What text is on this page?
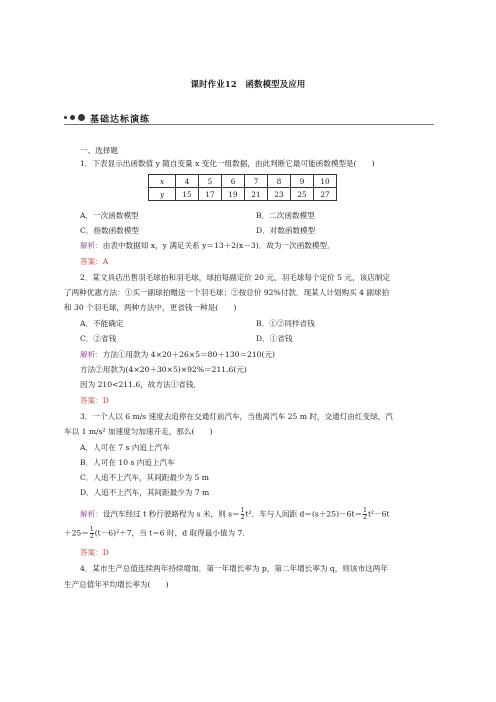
课时作业12　函数模型及应用
基础达标演练
一、选择题
1．下表显示出函数值 y 随自变量 x 变化一组数据，由此判断它最可能函数模型是(　　)
x	4	5	6	7	8	9	10
y	15	17	19	21	23	25	27
A．一次函数模型	B．二次函数模型
C．指数函数模型	D．对数函数模型
解析：由表中数据知 x，y 满足关系 y＝13＋2(x－3)．故为一次函数模型．
答案：A
2．某文具店出售羽毛球拍和羽毛球，球拍每副定价 20 元，羽毛球每个定价 5 元，该店制定
了两种优惠方法：①买一副球拍赠送一个羽毛球；②按总价 92%付款．现某人计划购买 4 副球拍
和 30 个羽毛球，两种方法中，更省钱一种是(　　)
A．不能确定	B．①②同样省钱
C．②省钱	D．①省钱
解析：方法①用款为 4×20＋26×5＝80＋130＝210(元)
方法②用款为(4×20＋30×5)×92%＝211.6(元)
因为 210<211.6，故方法①省钱．
答案：D
3．一个人以 6 m/s 速度去追停在交通灯前汽车，当他离汽车 25 m 时，交通灯由红变绿，汽
车以 1 m/s² 加速度匀加速开走，那么(　　)
A．人可在 7 s 内追上汽车
B．人可在 10 s 内追上汽车
C．人追不上汽车，其间距最少为 5 m
D．人追不上汽车，其间距最少为 7 m
解析：设汽车经过 t 秒行驶路程为 s 米，则 $s= \frac{1}{2} t^2$．车与人间距 $d=(s+25)-6t= \frac{1}{2} t^2-6t$
$+25= \frac{1}{2} (t-6)^2+7$，当 t＝6 时，d 取得最小值为 7.
答案：D
4．某市生产总值连续两年持续增加．第一年增长率为 p，第二年增长率为 q，则该市这两年
生产总值年平均增长率为(　　)
